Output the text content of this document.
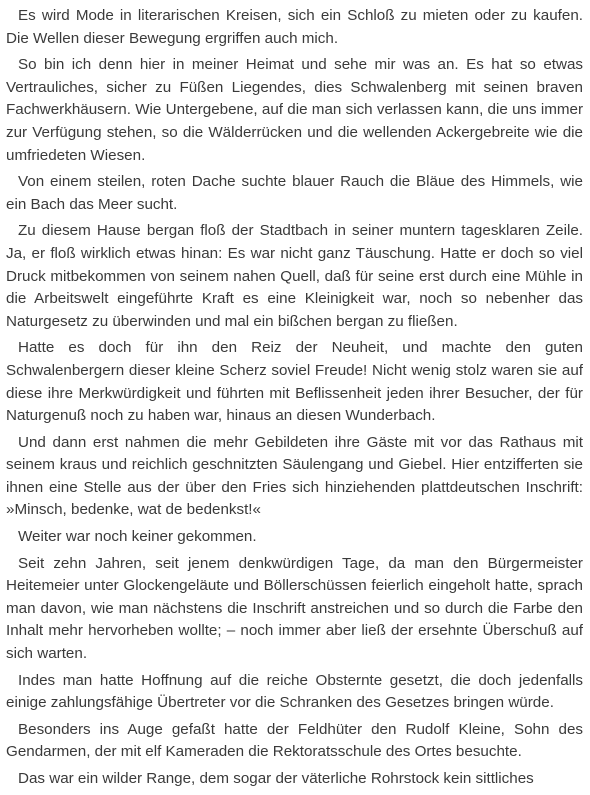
Es wird Mode in literarischen Kreisen, sich ein Schloß zu mieten oder zu kaufen. Die Wellen dieser Bewegung ergriffen auch mich.

So bin ich denn hier in meiner Heimat und sehe mir was an. Es hat so etwas Vertrauliches, sicher zu Füßen Liegendes, dies Schwalenberg mit seinen braven Fachwerkhäusern. Wie Untergebene, auf die man sich verlassen kann, die uns immer zur Verfügung stehen, so die Wälderrücken und die wellenden Ackergebreite wie die umfriedeten Wiesen.

Von einem steilen, roten Dache suchte blauer Rauch die Bläue des Himmels, wie ein Bach das Meer sucht.

Zu diesem Hause bergan floß der Stadtbach in seiner muntern tagesklaren Zeile. Ja, er floß wirklich etwas hinan: Es war nicht ganz Täuschung. Hatte er doch so viel Druck mitbekommen von seinem nahen Quell, daß für seine erst durch eine Mühle in die Arbeitswelt eingeführte Kraft es eine Kleinigkeit war, noch so nebenher das Naturgesetz zu überwinden und mal ein bißchen bergan zu fließen.

Hatte es doch für ihn den Reiz der Neuheit, und machte den guten Schwalenbergern dieser kleine Scherz soviel Freude! Nicht wenig stolz waren sie auf diese ihre Merkwürdigkeit und führten mit Beflissenheit jeden ihrer Besucher, der für Naturgenuß noch zu haben war, hinaus an diesen Wunderbach.

Und dann erst nahmen die mehr Gebildeten ihre Gäste mit vor das Rathaus mit seinem kraus und reichlich geschnitzten Säulengang und Giebel. Hier entzifferten sie ihnen eine Stelle aus der über den Fries sich hinziehenden plattdeutschen Inschrift: »Minsch, bedenke, wat de bedenkst!«

Weiter war noch keiner gekommen.

Seit zehn Jahren, seit jenem denkwürdigen Tage, da man den Bürgermeister Heitemeier unter Glockengeläute und Böllerschüssen feierlich eingeholt hatte, sprach man davon, wie man nächstens die Inschrift anstreichen und so durch die Farbe den Inhalt mehr hervorheben wollte; – noch immer aber ließ der ersehnte Überschuß auf sich warten.

Indes man hatte Hoffnung auf die reiche Obsternte gesetzt, die doch jedenfalls einige zahlungsfähige Übertreter vor die Schranken des Gesetzes bringen würde.

Besonders ins Auge gefaßt hatte der Feldhüter den Rudolf Kleine, Sohn des Gendarmen, der mit elf Kameraden die Rektoratsschule des Ortes besuchte.

Das war ein wilder Range, dem sogar der väterliche Rohrstock kein sittliches
